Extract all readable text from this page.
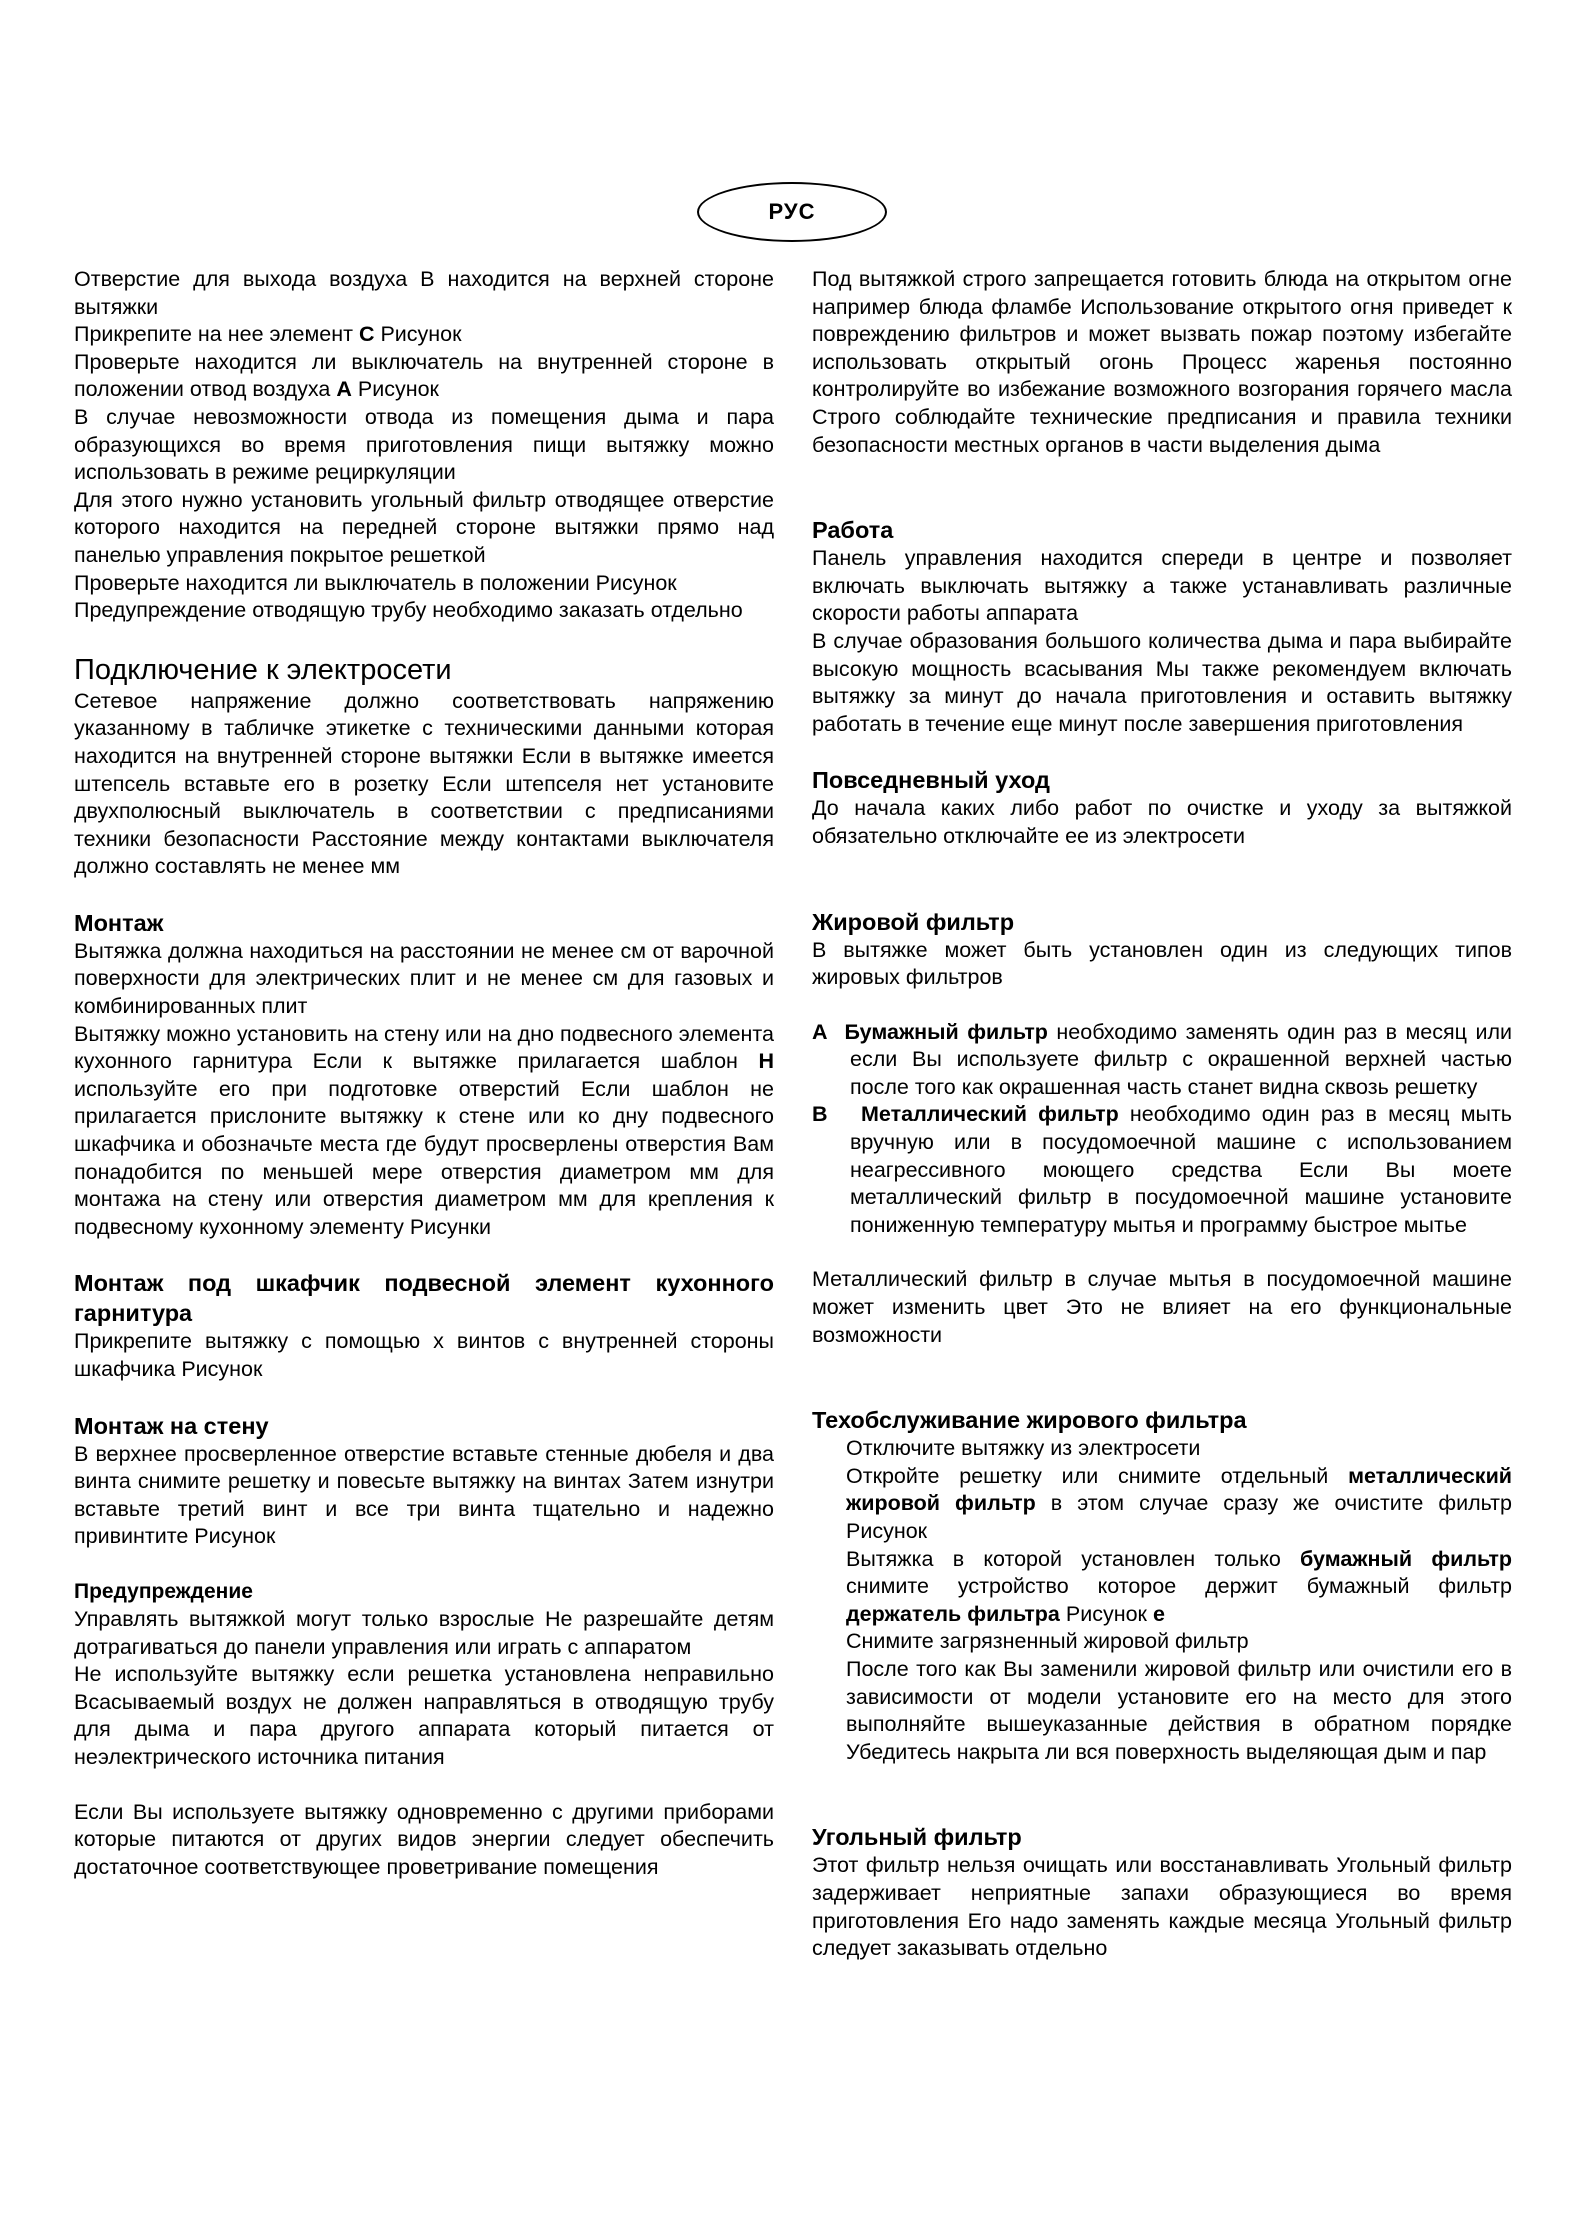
РУС

Отверстие для выхода воздуха B находится на верхней стороне вытяжки

Прикрепите на нее элемент С Рисунок

Проверьте находится ли выключатель на внутренней стороне в положении отвод воздуха А Рисунок

В случае невозможности отвода из помещения дыма и пара образующихся во время приготовления пищи вытяжку можно использовать в режиме рециркуляции

Для этого нужно установить угольный фильтр отводящее отверстие которого находится на передней стороне вытяжки прямо над панелью управления покрытое решеткой

Проверьте находится ли выключатель в положении Рисунок

Предупреждение отводящую трубу необходимо заказать отдельно

Подключение к электросети

Сетевое напряжение должно соответствовать напряжению указанному в табличке этикетке с техническими данными которая находится на внутренней стороне вытяжки Если в вытяжке имеется штепсель вставьте его в розетку Если штепселя нет установите двухполюсный выключатель в соответствии с предписаниями техники безопасности Расстояние между контактами выключателя должно составлять не менее мм

Монтаж

Вытяжка должна находиться на расстоянии не менее см от варочной поверхности для электрических плит и не менее см для газовых и комбинированных плит

Вытяжку можно установить на стену или на дно подвесного элемента кухонного гарнитура Если к вытяжке прилагается шаблон Н используйте его при подготовке отверстий Если шаблон не прилагается прислоните вытяжку к стене или ко дну подвесного шкафчика и обозначьте места где будут просверлены отверстия Вам понадобится по меньшей мере отверстия диаметром мм для монтажа на стену или отверстия диаметром мм для крепления к подвесному кухонному элементу Рисунки

Монтаж под шкафчик подвесной элемент кухонного гарнитура

Прикрепите вытяжку с помощью х винтов с внутренней стороны шкафчика Рисунок

Монтаж на стену

В верхнее просверленное отверстие вставьте стенные дюбеля и два винта снимите решетку и повесьте вытяжку на винтах Затем изнутри вставьте третий винт и все три винта тщательно и надежно привинтите Рисунок

Предупреждение

Управлять вытяжкой могут только взрослые Не разрешайте детям дотрагиваться до панели управления или играть с аппаратом

Не используйте вытяжку если решетка установлена неправильно Всасываемый воздух не должен направляться в отводящую трубу для дыма и пара другого аппарата который питается от неэлектрического источника питания

Если Вы используете вытяжку одновременно с другими приборами которые питаются от других видов энергии следует обеспечить достаточное соответствующее проветривание помещения

Под вытяжкой строго запрещается готовить блюда на открытом огне например блюда фламбе Использование открытого огня приведет к повреждению фильтров и может вызвать пожар поэтому избегайте использовать открытый огонь Процесс жаренья постоянно контролируйте во избежание возможного возгорания горячего масла Строго соблюдайте технические предписания и правила техники безопасности местных органов в части выделения дыма

Работа

Панель управления находится спереди в центре и позволяет включать выключать вытяжку а также устанавливать различные скорости работы аппарата

В случае образования большого количества дыма и пара выбирайте высокую мощность всасывания Мы также рекомендуем включать вытяжку за минут до начала приготовления и оставить вытяжку работать в течение еще минут после завершения приготовления

Повседневный уход

До начала каких либо работ по очистке и уходу за вытяжкой обязательно отключайте ее из электросети

Жировой фильтр

В вытяжке может быть установлен один из следующих типов жировых фильтров

А Бумажный фильтр необходимо заменять один раз в месяц или если Вы используете фильтр с окрашенной верхней частью после того как окрашенная часть станет видна сквозь решетку

В Металлический фильтр необходимо один раз в месяц мыть вручную или в посудомоечной машине с использованием неагрессивного моющего средства Если Вы моете металлический фильтр в посудомоечной машине установите пониженную температуру мытья и программу быстрое мытье

Металлический фильтр в случае мытья в посудомоечной машине может изменить цвет Это не влияет на его функциональные возможности

Техобслуживание жирового фильтра

Отключите вытяжку из электросети

Откройте решетку или снимите отдельный металлический жировой фильтр в этом случае сразу же очистите фильтр Рисунок

Вытяжка в которой установлен только бумажный фильтр снимите устройство которое держит бумажный фильтр держатель фильтра Рисунок е

Снимите загрязненный жировой фильтр

После того как Вы заменили жировой фильтр или очистили его в зависимости от модели установите его на место для этого выполняйте вышеуказанные действия в обратном порядке Убедитесь накрыта ли вся поверхность выделяющая дым и пар

Угольный фильтр

Этот фильтр нельзя очищать или восстанавливать Угольный фильтр задерживает неприятные запахи образующиеся во время приготовления Его надо заменять каждые месяца Угольный фильтр следует заказывать отдельно
